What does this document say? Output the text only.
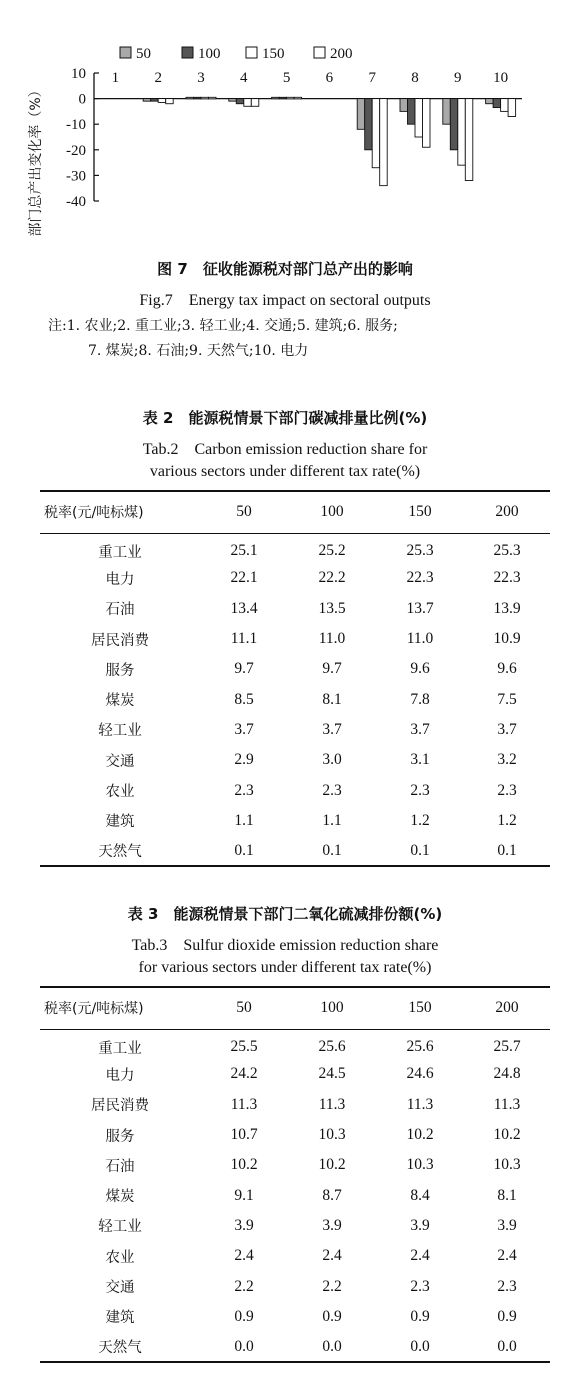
50	100	150	200
10
0
-10
-20
-30
-40
部门总产出变化率（%）
1 2 3 4 5 6 7 8 9 10
图 7　征收能源税对部门总产出的影响
Fig.7　Energy tax impact on sectoral outputs
注:1. 农业;2. 重工业;3. 轻工业;4. 交通;5. 建筑;6. 服务;
7. 煤炭;8. 石油;9. 天然气;10. 电力
表 2　能源税情景下部门碳减排量比例(%)
Tab.2　Carbon emission reduction share for
various sectors under different tax rate(%)
税率(元/吨标煤)	50	100	150	200
重工业	25.1	25.2	25.3	25.3
电力	22.1	22.2	22.3	22.3
石油	13.4	13.5	13.7	13.9
居民消费	11.1	11.0	11.0	10.9
服务	9.7	9.7	9.6	9.6
煤炭	8.5	8.1	7.8	7.5
轻工业	3.7	3.7	3.7	3.7
交通	2.9	3.0	3.1	3.2
农业	2.3	2.3	2.3	2.3
建筑	1.1	1.1	1.2	1.2
天然气	0.1	0.1	0.1	0.1
表 3　能源税情景下部门二氧化硫减排份额(%)
Tab.3　Sulfur dioxide emission reduction share
for various sectors under different tax rate(%)
税率(元/吨标煤)	50	100	150	200
重工业	25.5	25.6	25.6	25.7
电力	24.2	24.5	24.6	24.8
居民消费	11.3	11.3	11.3	11.3
服务	10.7	10.3	10.2	10.2
石油	10.2	10.2	10.3	10.3
煤炭	9.1	8.7	8.4	8.1
轻工业	3.9	3.9	3.9	3.9
农业	2.4	2.4	2.4	2.4
交通	2.2	2.2	2.3	2.3
建筑	0.9	0.9	0.9	0.9
天然气	0.0	0.0	0.0	0.0
